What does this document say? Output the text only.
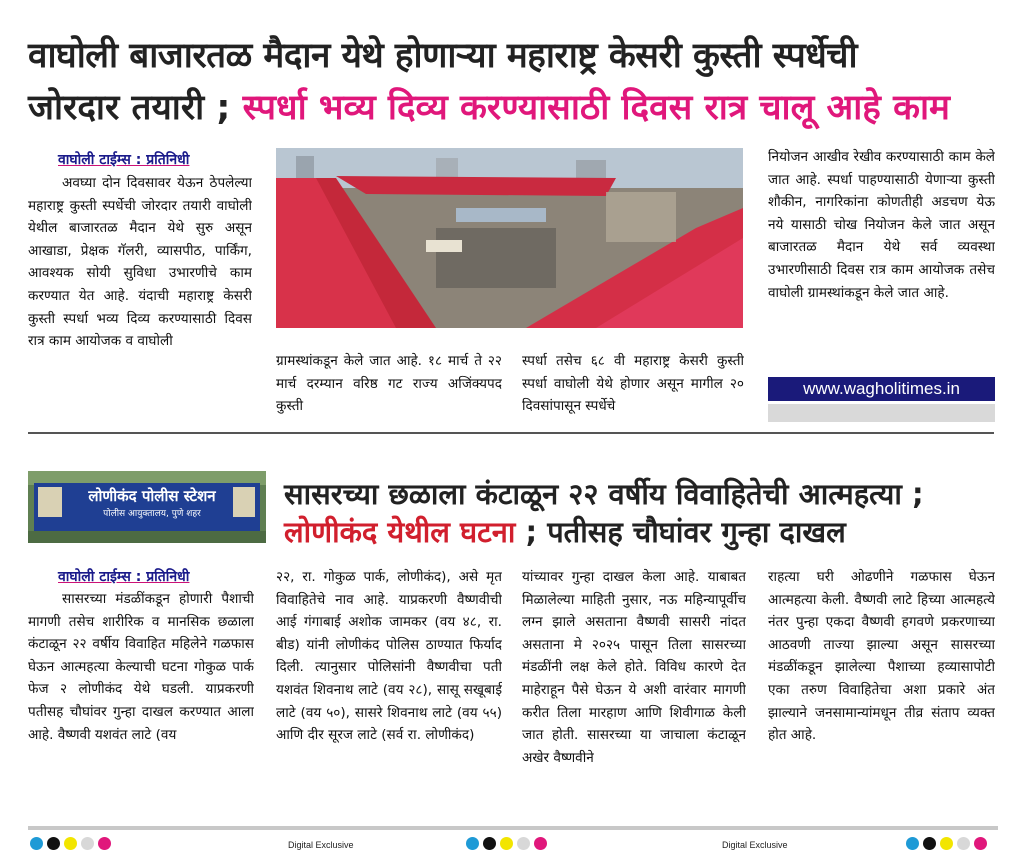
वाघोली बाजारतळ मैदान येथे होणाऱ्या महाराष्ट्र केसरी कुस्ती स्पर्धेची
जोरदार तयारी ; स्पर्धा भव्य दिव्य करण्यासाठी दिवस रात्र चालू आहे काम
वाघोली टाईम्स : प्रतिनिधी
अवघ्या दोन दिवसावर येऊन ठेपलेल्या महाराष्ट्र कुस्ती स्पर्धेची जोरदार तयारी वाघोली येथील बाजारतळ मैदान येथे सुरु असून आखाडा, प्रेक्षक गॅलरी, व्यासपीठ, पार्किंग, आवश्यक सोयी सुविधा उभारणीचे काम करण्यात येत आहे. यंदाची महाराष्ट्र केसरी कुस्ती स्पर्धा भव्य दिव्य करण्यासाठी दिवस रात्र काम आयोजक व वाघोली
ग्रामस्थांकडून केले जात आहे. १८ मार्च ते २२ मार्च दरम्यान वरिष्ठ गट राज्य अजिंक्यपद कुस्ती
स्पर्धा तसेच ६८ वी महाराष्ट्र केसरी कुस्ती स्पर्धा वाघोली येथे होणार असून मागील २० दिवसांपासून स्पर्धेचे
नियोजन आखीव रेखीव करण्यासाठी काम केले जात आहे. स्पर्धा पाहण्यासाठी येणाऱ्या कुस्ती शौकीन, नागरिकांना कोणतीही अडचण येऊ नये यासाठी चोख नियोजन केले जात असून बाजारतळ मैदान येथे सर्व व्यवस्था उभारणीसाठी दिवस रात्र काम आयोजक तसेच वाघोली ग्रामस्थांकडून केले जात आहे.
www.wagholitimes.in
लोणीकंद पोलीस स्टेशन
पोलीस आयुक्तालय, पुणे शहर
सासरच्या छळाला कंटाळून २२ वर्षीय विवाहितेची आत्महत्या ;
लोणीकंद येथील घटना ; पतीसह चौघांवर गुन्हा दाखल
वाघोली टाईम्स : प्रतिनिधी
सासरच्या मंडळींकडून होणारी पैशाची मागणी तसेच शारीरिक व मानसिक छळाला कंटाळून २२ वर्षीय विवाहित महिलेने गळफास घेऊन आत्महत्या केल्याची घटना गोकुळ पार्क फेज २ लोणीकंद येथे घडली. याप्रकरणी पतीसह चौघांवर गुन्हा दाखल करण्यात आला आहे. वैष्णवी यशवंत लाटे (वय
२२, रा. गोकुळ पार्क, लोणीकंद), असे मृत विवाहितेचे नाव आहे. याप्रकरणी वैष्णवीची आई गंगाबाई अशोक जामकर (वय ४८, रा. बीड) यांनी लोणीकंद पोलिस ठाण्यात फिर्याद दिली. त्यानुसार पोलिसांनी वैष्णवीचा पती यशवंत शिवनाथ लाटे (वय २८), सासू सखूबाई लाटे (वय ५०), सासरे शिवनाथ लाटे (वय ५५) आणि दीर सूरज लाटे (सर्व रा. लोणीकंद)
यांच्यावर गुन्हा दाखल केला आहे. याबाबत मिळालेल्या माहिती नुसार, नऊ महिन्यापूर्वीच लग्न झाले असताना वैष्णवी सासरी नांदत असताना मे २०२५ पासून तिला सासरच्या मंडळींनी लक्ष केले होते. विविध कारणे देत माहेराहून पैसे घेऊन ये अशी वारंवार मागणी करीत तिला मारहाण आणि शिवीगाळ केली जात होती. सासरच्या या जाचाला कंटाळून अखेर वैष्णवीने
राहत्या घरी ओढणीने गळफास घेऊन आत्महत्या केली. वैष्णवी लाटे हिच्या आत्महत्ये नंतर पुन्हा एकदा वैष्णवी हगवणे प्रकरणाच्या आठवणी ताज्या झाल्या असून सासरच्या मंडळींकडून झालेल्या पैशाच्या हव्यासापोटी एका तरुण विवाहितेचा अशा प्रकारे अंत झाल्याने जनसामान्यांमधून तीव्र संताप व्यक्त होत आहे.
Digital Exclusive	Digital Exclusive
